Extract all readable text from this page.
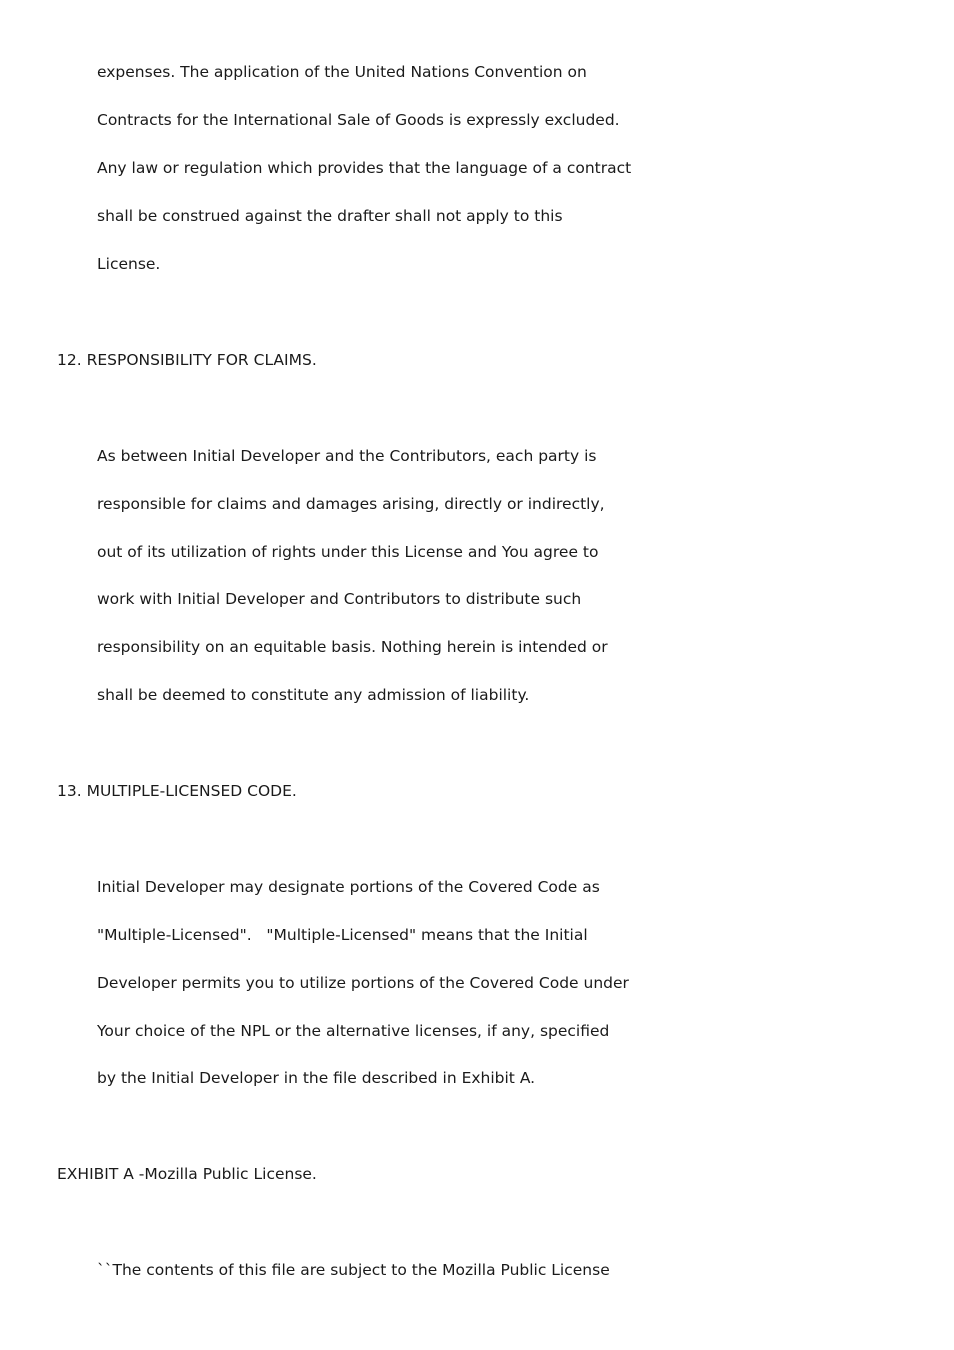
expenses. The application of the United Nations Convention on

Contracts for the International Sale of Goods is expressly excluded.

Any law or regulation which provides that the language of a contract

shall be construed against the drafter shall not apply to this

License.

12. RESPONSIBILITY FOR CLAIMS.

As between Initial Developer and the Contributors, each party is

responsible for claims and damages arising, directly or indirectly,

out of its utilization of rights under this License and You agree to

work with Initial Developer and Contributors to distribute such

responsibility on an equitable basis. Nothing herein is intended or

shall be deemed to constitute any admission of liability.

13. MULTIPLE-LICENSED CODE.

Initial Developer may designate portions of the Covered Code as

"Multiple-Licensed".   "Multiple-Licensed" means that the Initial

Developer permits you to utilize portions of the Covered Code under

Your choice of the NPL or the alternative licenses, if any, specified

by the Initial Developer in the file described in Exhibit A.

EXHIBIT A -Mozilla Public License.

``The contents of this file are subject to the Mozilla Public License
